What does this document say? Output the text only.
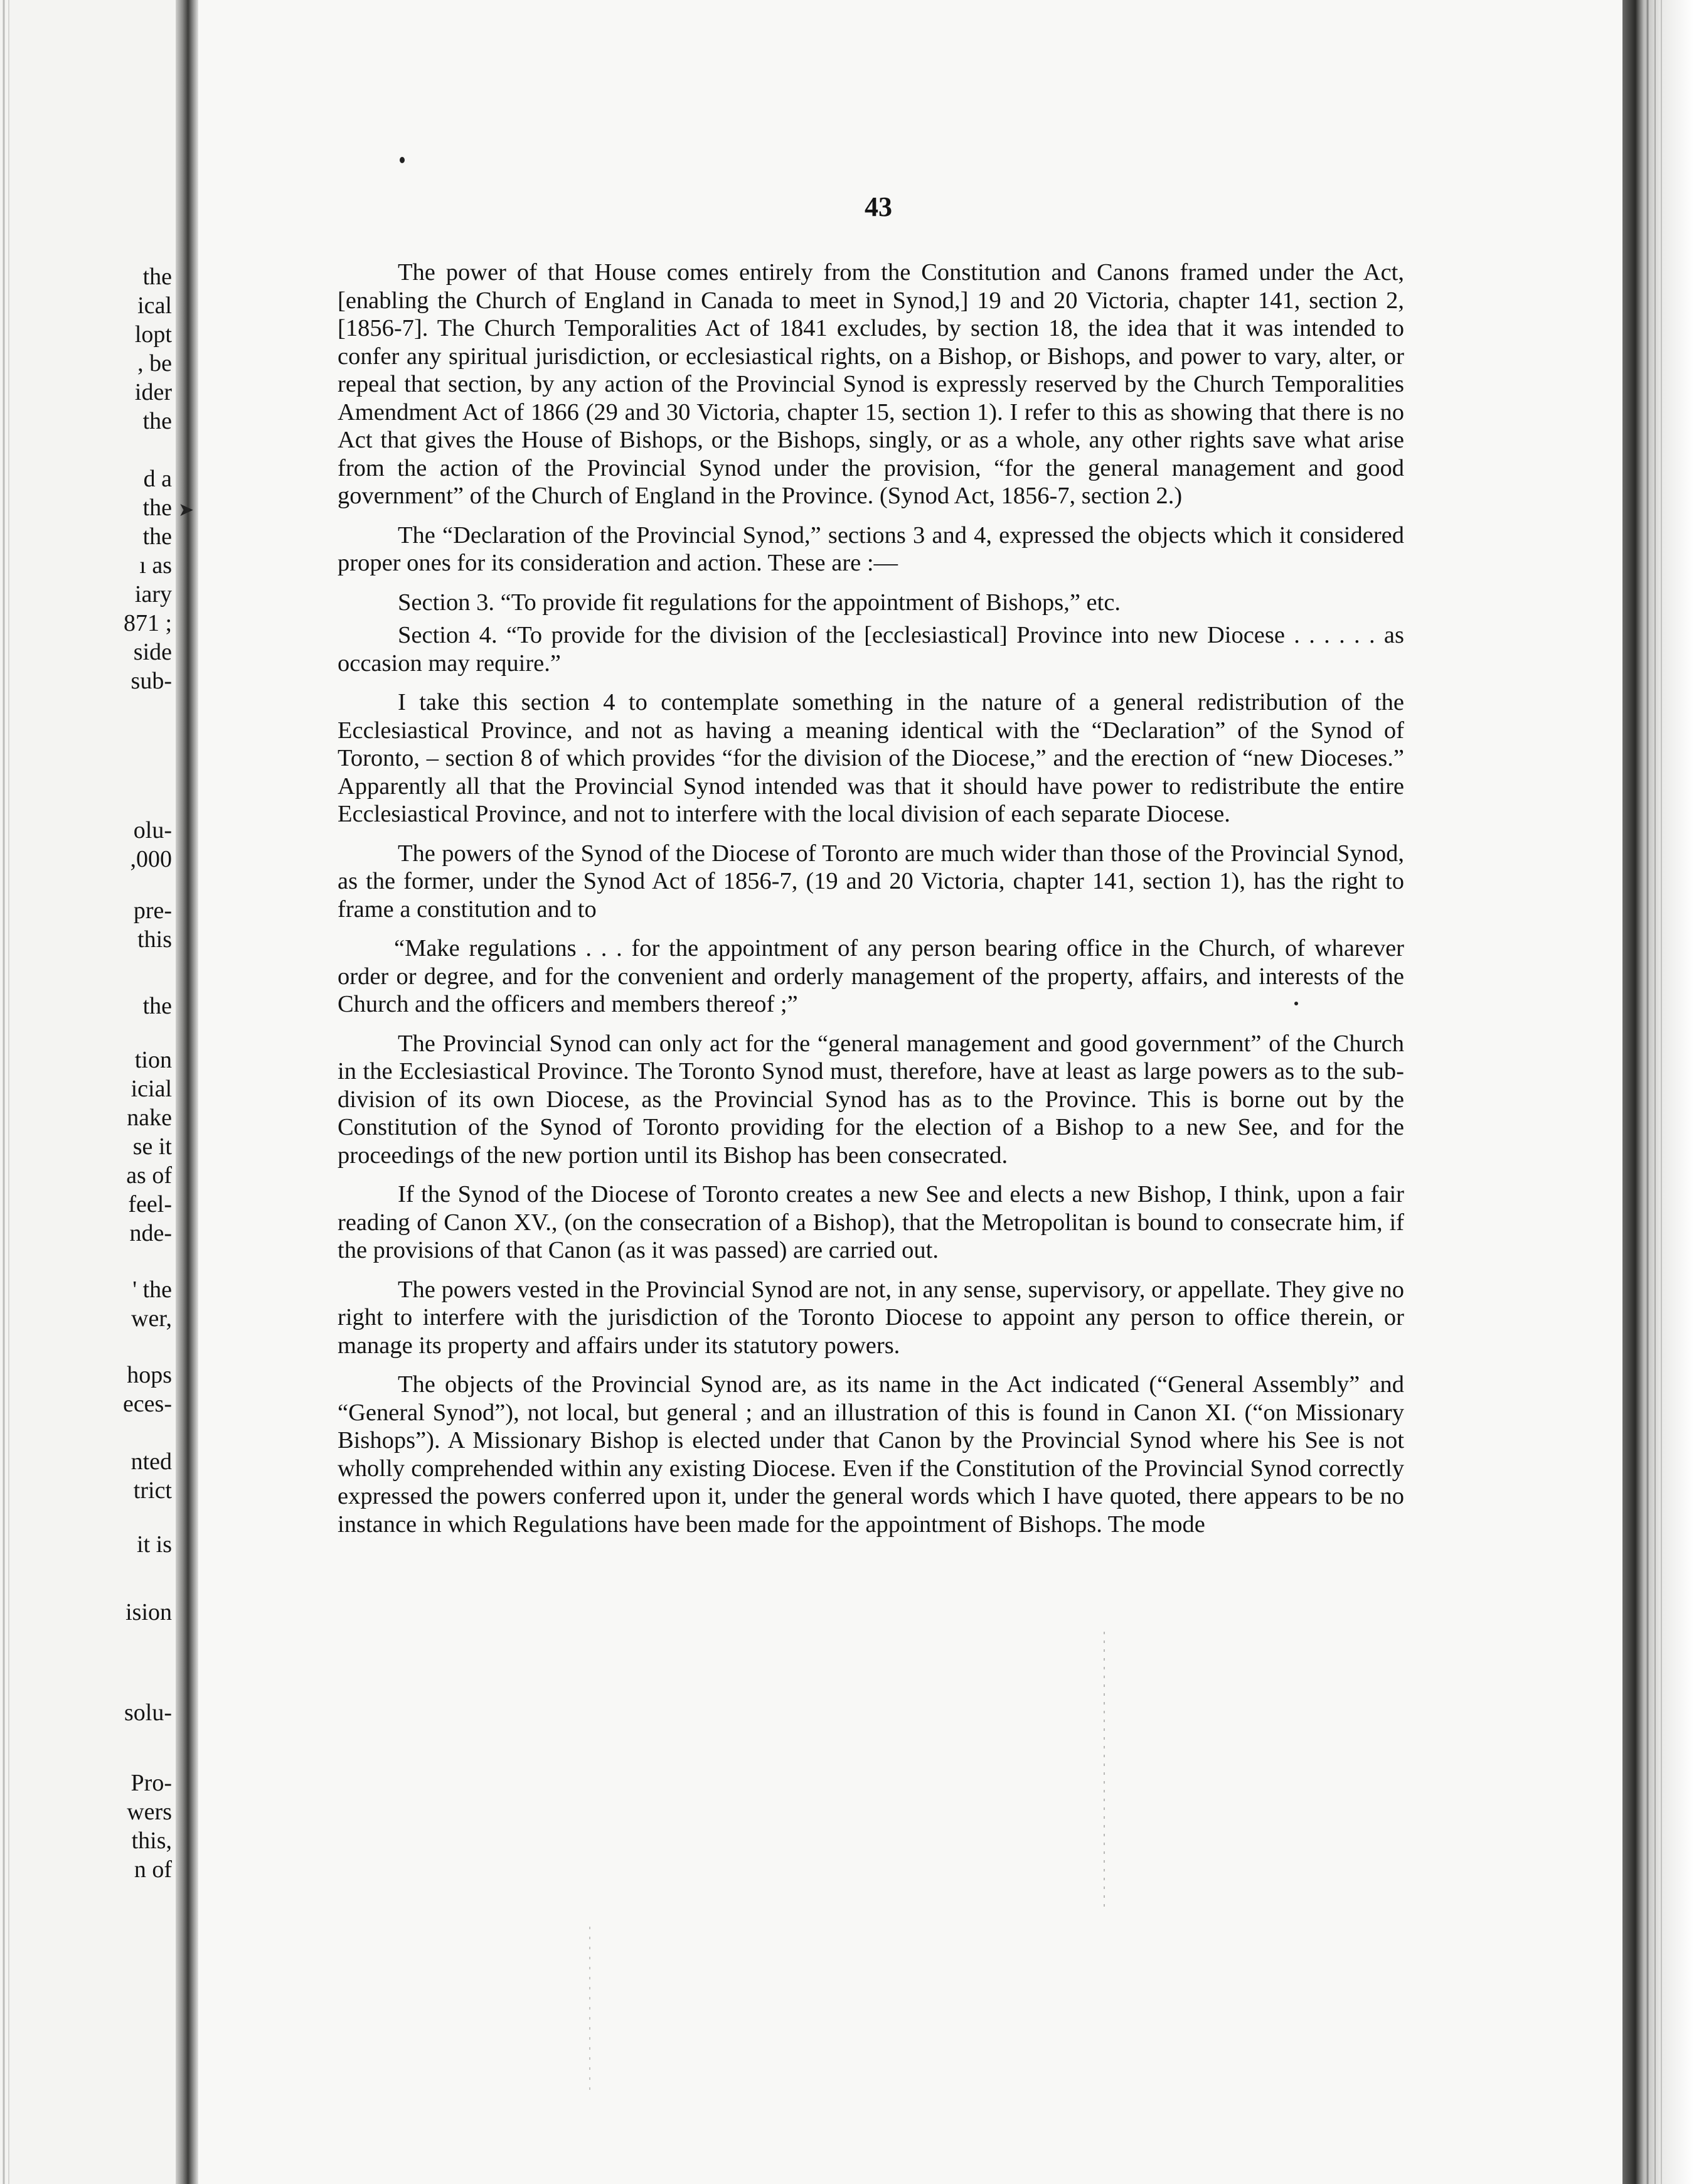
the
ical
lopt
, be
ider
the
d a
the
the
ı as
iary
871 ;
side
sub-
olu-
,000
pre-
this
the
tion
icial
nake
se it
as of
feel-
nde-
' the
wer,
hops
eces-
nted
trict
it is
ision
solu-
Pro-
wers
this,
n of
➤
43

The power of that House comes entirely from the Constitution and Canons framed under the Act, [enabling the Church of England in Canada to meet in Synod,] 19 and 20 Victoria, chapter 141, section 2, [1856-7]. The Church Temporalities Act of 1841 excludes, by section 18, the idea that it was intended to confer any spiritual jurisdiction, or ecclesiastical rights, on a Bishop, or Bishops, and power to vary, alter, or repeal that section, by any action of the Provincial Synod is expressly reserved by the Church Temporalities Amendment Act of 1866 (29 and 30 Victoria, chapter 15, section 1). I refer to this as showing that there is no Act that gives the House of Bishops, or the Bishops, singly, or as a whole, any other rights save what arise from the action of the Provincial Synod under the provision, “for the general management and good government” of the Church of England in the Province. (Synod Act, 1856-7, section 2.)

The “Declaration of the Provincial Synod,” sections 3 and 4, expressed the objects which it considered proper ones for its consideration and action. These are :—

Section 3. “To provide fit regulations for the appointment of Bishops,” etc.

Section 4. “To provide for the division of the [ecclesiastical] Province into new Diocese . . . . . . as occasion may require.”

I take this section 4 to contemplate something in the nature of a general redistribution of the Ecclesiastical Province, and not as having a meaning identical with the “Declaration” of the Synod of Toronto, – section 8 of which provides “for the division of the Diocese,” and the erection of “new Dioceses.” Apparently all that the Provincial Synod intended was that it should have power to redistribute the entire Ecclesiastical Province, and not to interfere with the local division of each separate Diocese.

The powers of the Synod of the Diocese of Toronto are much wider than those of the Provincial Synod, as the former, under the Synod Act of 1856-7, (19 and 20 Victoria, chapter 141, section 1), has the right to frame a constitution and to

“Make regulations . . . for the appointment of any person bearing office in the Church, of wharever order or degree, and for the convenient and orderly management of the property, affairs, and interests of the Church and the officers and members thereof ;”

The Provincial Synod can only act for the “general management and good government” of the Church in the Ecclesiastical Province. The Toronto Synod must, therefore, have at least as large powers as to the sub-division of its own Diocese, as the Provincial Synod has as to the Province. This is borne out by the Constitution of the Synod of Toronto providing for the election of a Bishop to a new See, and for the proceedings of the new portion until its Bishop has been consecrated.

If the Synod of the Diocese of Toronto creates a new See and elects a new Bishop, I think, upon a fair reading of Canon XV., (on the consecration of a Bishop), that the Metropolitan is bound to consecrate him, if the provisions of that Canon (as it was passed) are carried out.

The powers vested in the Provincial Synod are not, in any sense, supervisory, or appellate. They give no right to interfere with the jurisdiction of the Toronto Diocese to appoint any person to office therein, or manage its property and affairs under its statutory powers.

The objects of the Provincial Synod are, as its name in the Act indicated (“General Assembly” and “General Synod”), not local, but general ; and an illustration of this is found in Canon XI. (“on Missionary Bishops”). A Missionary Bishop is elected under that Canon by the Provincial Synod where his See is not wholly comprehended within any existing Diocese. Even if the Constitution of the Provincial Synod correctly expressed the powers conferred upon it, under the general words which I have quoted, there appears to be no instance in which Regulations have been made for the appointment of Bishops. The mode
